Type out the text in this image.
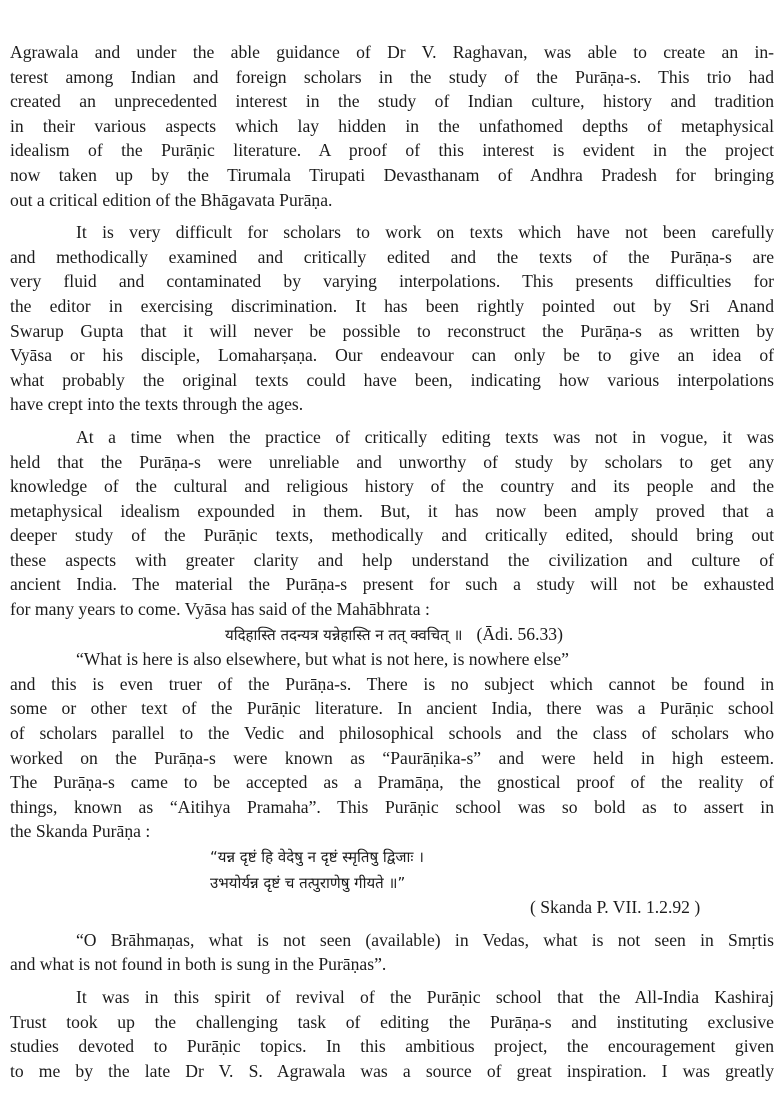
Agrawala and under the able guidance of Dr V. Raghavan, was able to create an in-
terest among Indian and foreign scholars in the study of the Purāṇa-s. This trio had
created an unprecedented interest in the study of Indian culture, history and tradition
in their various aspects which lay hidden in the unfathomed depths of metaphysical
idealism of the Purāṇic literature. A proof of this interest is evident in the project
now taken up by the Tirumala Tirupati Devasthanam of Andhra Pradesh for bringing
out a critical edition of the Bhāgavata Purāṇa.
It is very difficult for scholars to work on texts which have not been carefully
and methodically examined and critically edited and the texts of the Purāṇa-s are
very fluid and contaminated by varying interpolations. This presents difficulties for
the editor in exercising discrimination. It has been rightly pointed out by Sri Anand
Swarup Gupta that it will never be possible to reconstruct the Purāṇa-s as written by
Vyāsa or his disciple, Lomaharṣaṇa. Our endeavour can only be to give an idea of
what probably the original texts could have been, indicating how various interpolations
have crept into the texts through the ages.
At a time when the practice of critically editing texts was not in vogue, it was
held that the Purāṇa-s were unreliable and unworthy of study by scholars to get any
knowledge of the cultural and religious history of the country and its people and the
metaphysical idealism expounded in them. But, it has now been amply proved that a
deeper study of the Purāṇic texts, methodically and critically edited, should bring out
these aspects with greater clarity and help understand the civilization and culture of
ancient India. The material the Purāṇa-s present for such a study will not be exhausted
for many years to come. Vyāsa has said of the Mahābhrata :
यदिहास्ति तदन्यत्र यन्नेहास्ति न तत् क्वचित् ॥ (Ādi. 56.33)
“What is here is also elsewhere, but what is not here, is nowhere else”
and this is even truer of the Purāṇa-s. There is no subject which cannot be found in
some or other text of the Purāṇic literature. In ancient India, there was a Purāṇic school
of scholars parallel to the Vedic and philosophical schools and the class of scholars who
worked on the Purāṇa-s were known as “Paurāṇika-s” and were held in high esteem.
The Purāṇa-s came to be accepted as a Pramāṇa, the gnostical proof of the reality of
things, known as “Aitihya Pramaha”. This Purāṇic school was so bold as to assert in
the Skanda Purāṇa :
“यन्न दृष्टं हि वेदेषु न दृष्टं स्मृतिषु द्विजाः ।
उभयोर्यन्न दृष्टं च तत्पुराणेषु गीयते ॥”
( Skanda P. VII. 1.2.92 )
“O Brāhmaṇas, what is not seen (available) in Vedas, what is not seen in Smṛtis
and what is not found in both is sung in the Purāṇas”.
It was in this spirit of revival of the Purāṇic school that the All-India Kashiraj
Trust took up the challenging task of editing the Purāṇa-s and instituting exclusive
studies devoted to Purāṇic topics. In this ambitious project, the encouragement given
to me by the late Dr V. S. Agrawala was a source of great inspiration. I was greatly
